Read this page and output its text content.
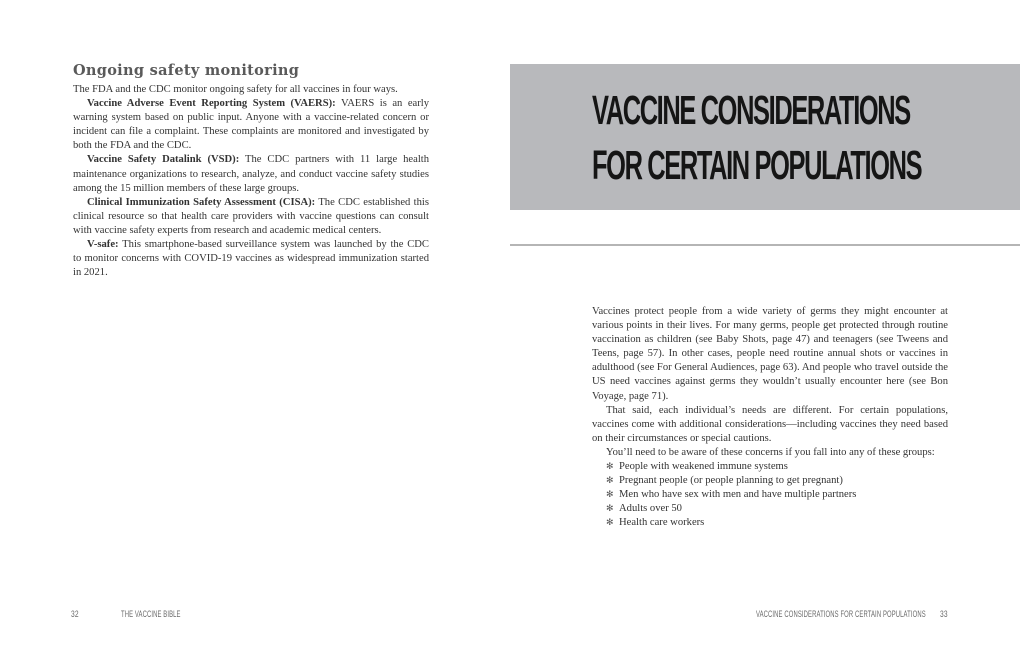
Ongoing safety monitoring

The FDA and the CDC monitor ongoing safety for all vaccines in four ways.

Vaccine Adverse Event Reporting System (VAERS): VAERS is an early warning system based on public input. Anyone with a vaccine-related concern or incident can file a complaint. These complaints are monitored and investigated by both the FDA and the CDC.

Vaccine Safety Datalink (VSD): The CDC partners with 11 large health maintenance organizations to research, analyze, and conduct vaccine safety studies among the 15 million members of these large groups.

Clinical Immunization Safety Assessment (CISA): The CDC established this clinical resource so that health care providers with vaccine questions can consult with vaccine safety experts from research and academic medical centers.

V-safe: This smartphone-based surveillance system was launched by the CDC to monitor concerns with COVID-19 vaccines as widespread immunization started in 2021.

32	THE VACCINE BIBLE
VACCINE CONSIDERATIONS
FOR CERTAIN POPULATIONS

Vaccines protect people from a wide variety of germs they might encounter at various points in their lives. For many germs, people get protected through routine vaccination as children (see Baby Shots, page 47) and teenagers (see Tweens and Teens, page 57). In other cases, people need routine annual shots or vaccines in adulthood (see For General Audiences, page 63). And people who travel outside the US need vaccines against germs they wouldn’t usually encounter here (see Bon Voyage, page 71).

That said, each individual’s needs are different. For certain populations, vaccines come with additional considerations—including vaccines they need based on their circumstances or special cautions.

You’ll need to be aware of these concerns if you fall into any of these groups:

✻ People with weakened immune systems
✻ Pregnant people (or people planning to get pregnant)
✻ Men who have sex with men and have multiple partners
✻ Adults over 50
✻ Health care workers
VACCINE CONSIDERATIONS FOR CERTAIN POPULATIONS 33
